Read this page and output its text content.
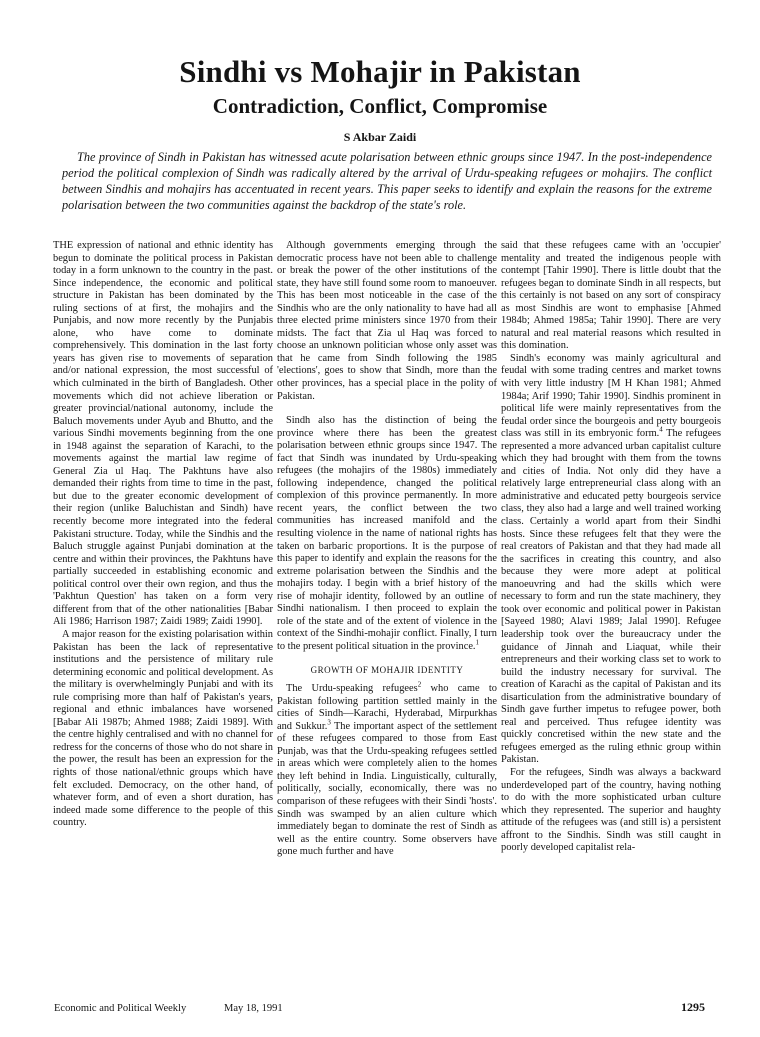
Sindhi vs Mohajir in Pakistan
Contradiction, Conflict, Compromise
S Akbar Zaidi
The province of Sindh in Pakistan has witnessed acute polarisation between ethnic groups since 1947. In the post-independence period the political complexion of Sindh was radically altered by the arrival of Urdu-speaking refugees or mohajirs. The conflict between Sindhis and mohajirs has accentuated in recent years. This paper seeks to identify and explain the reasons for the extreme polarisation between the two communities against the backdrop of the state's role.

THE expression of national and ethnic identity has begun to dominate the political process in Pakistan today in a form unknown to the country in the past. Since independence, the economic and political structure in Pakistan has been dominated by the ruling sections of at first, the mohajirs and the Punjabis, and now more recently by the Punjabis alone, who have come to dominate comprehensively. This domination in the last forty years has given rise to movements of separation and/or national expression, the most successful of which culminated in the birth of Bangladesh. Other movements which did not achieve liberation or greater provincial/national autonomy, include the Baluch movements under Ayub and Bhutto, and the various Sindhi movements beginning from the one in 1948 against the separation of Karachi, to the movements against the martial law regime of General Zia ul Haq. The Pakhtuns have also demanded their rights from time to time in the past, but due to the greater economic development of their region (unlike Baluchistan and Sindh) have recently become more integrated into the federal Pakistani structure. Today, while the Sindhis and the Baluch struggle against Punjabi domination at the centre and within their provinces, the Pakhtuns have partially succeeded in establishing economic and political control over their own region, and thus the 'Pakhtun Question' has taken on a form very different from that of the other nationalities [Babar Ali 1986; Harrison 1987; Zaidi 1989; Zaidi 1990].

A major reason for the existing polarisation within Pakistan has been the lack of representative institutions and the persistence of military rule determining economic and political development. As the military is overwhelmingly Punjabi and with its rule comprising more than half of Pakistan's years, regional and ethnic imbalances have worsened [Babar Ali 1987b; Ahmed 1988; Zaidi 1989]. With the centre highly centralised and with no channel for redress for the concerns of those who do not share in the power, the result has been an expression for the rights of those national/ethnic groups which have felt excluded. Democracy, on the other hand, of whatever form, and of even a short duration, has indeed made some difference to the people of this country.

Although governments emerging through the democratic process have not been able to challenge or break the power of the other institutions of the state, they have still found some room to manoeuver. This has been most noticeable in the case of the Sindhis who are the only nationality to have had all three elected prime ministers since 1970 from their midsts. The fact that Zia ul Haq was forced to choose an unknown politician whose only asset was that he came from Sindh following the 1985 'elections', goes to show that Sindh, more than the other provinces, has a special place in the polity of Pakistan.

Sindh also has the distinction of being the province where there has been the greatest polarisation between ethnic groups since 1947. The fact that Sindh was inundated by Urdu-speaking refugees (the mohajirs of the 1980s) immediately following independence, changed the political complexion of this province permanently. In more recent years, the conflict between the two communities has increased manifold and the resulting violence in the name of national rights has taken on barbaric proportions. It is the purpose of this paper to identify and explain the reasons for the extreme polarisation between the Sindhis and the mohajirs today. I begin with a brief history of the rise of mohajir identity, followed by an outline of Sindhi nationalism. I then proceed to explain the role of the state and of the extent of violence in the context of the Sindhi-mohajir conflict. Finally, I turn to the present political situation in the province.$^1$

GROWTH OF MOHAJIR IDENTITY

The Urdu-speaking refugees$^2$ who came to Pakistan following partition settled mainly in the cities of Sindh—Karachi, Hyderabad, Mirpurkhas and Sukkur.$^3$ The important aspect of the settlement of these refugees compared to those from East Punjab, was that the Urdu-speaking refugees settled in areas which were completely alien to the homes they left behind in India. Linguistically, culturally, politically, socially, economically, there was no comparison of these refugees with their Sindi 'hosts'. Sindh was swamped by an alien culture which immediately began to dominate the rest of Sindh as well as the entire country. Some observers have gone much further and have

said that these refugees came with an 'occupier' mentality and treated the indigenous people with contempt [Tahir 1990]. There is little doubt that the refugees began to dominate Sindh in all respects, but this certainly is not based on any sort of conspiracy as most Sindhis are wont to emphasise [Ahmed 1984b; Ahmed 1985a; Tahir 1990]. There are very natural and real material reasons which resulted in this domination.

Sindh's economy was mainly agricultural and feudal with some trading centres and market towns with very little industry [M H Khan 1981; Ahmed 1984a; Arif 1990; Tahir 1990]. Sindhis prominent in political life were mainly representatives from the feudal order since the bourgeois and petty bourgeois class was still in its embryonic form.$^4$ The refugees represented a more advanced urban capitalist culture which they had brought with them from the towns and cities of India. Not only did they have a relatively large entrepreneurial class along with an administrative and educated petty bourgeois service class, they also had a large and well trained working class. Certainly a world apart from their Sindhi hosts. Since these refugees felt that they were the real creators of Pakistan and that they had made all the sacrifices in creating this country, and also because they were more adept at political manoeuvring and had the skills which were necessary to form and run the state machinery, they took over economic and political power in Pakistan [Sayeed 1980; Alavi 1989; Jalal 1990]. Refugee leadership took over the bureaucracy under the guidance of Jinnah and Liaquat, while their entrepreneurs and their working class set to work to build the industry necessary for survival. The creation of Karachi as the capital of Pakistan and its disarticulation from the administrative boundary of Sindh gave further impetus to refugee power, both real and perceived. Thus refugee identity was quickly concretised within the new state and the refugees emerged as the ruling ethnic group within Pakistan.

For the refugees, Sindh was always a backward underdeveloped part of the country, having nothing to do with the more sophisticated urban culture which they represented. The superior and haughty attitude of the refugees was (and still is) a persistent affront to the Sindhis. Sindh was still caught in poorly developed capitalist rela-

Economic and Political Weekly	May 18, 1991	1295
